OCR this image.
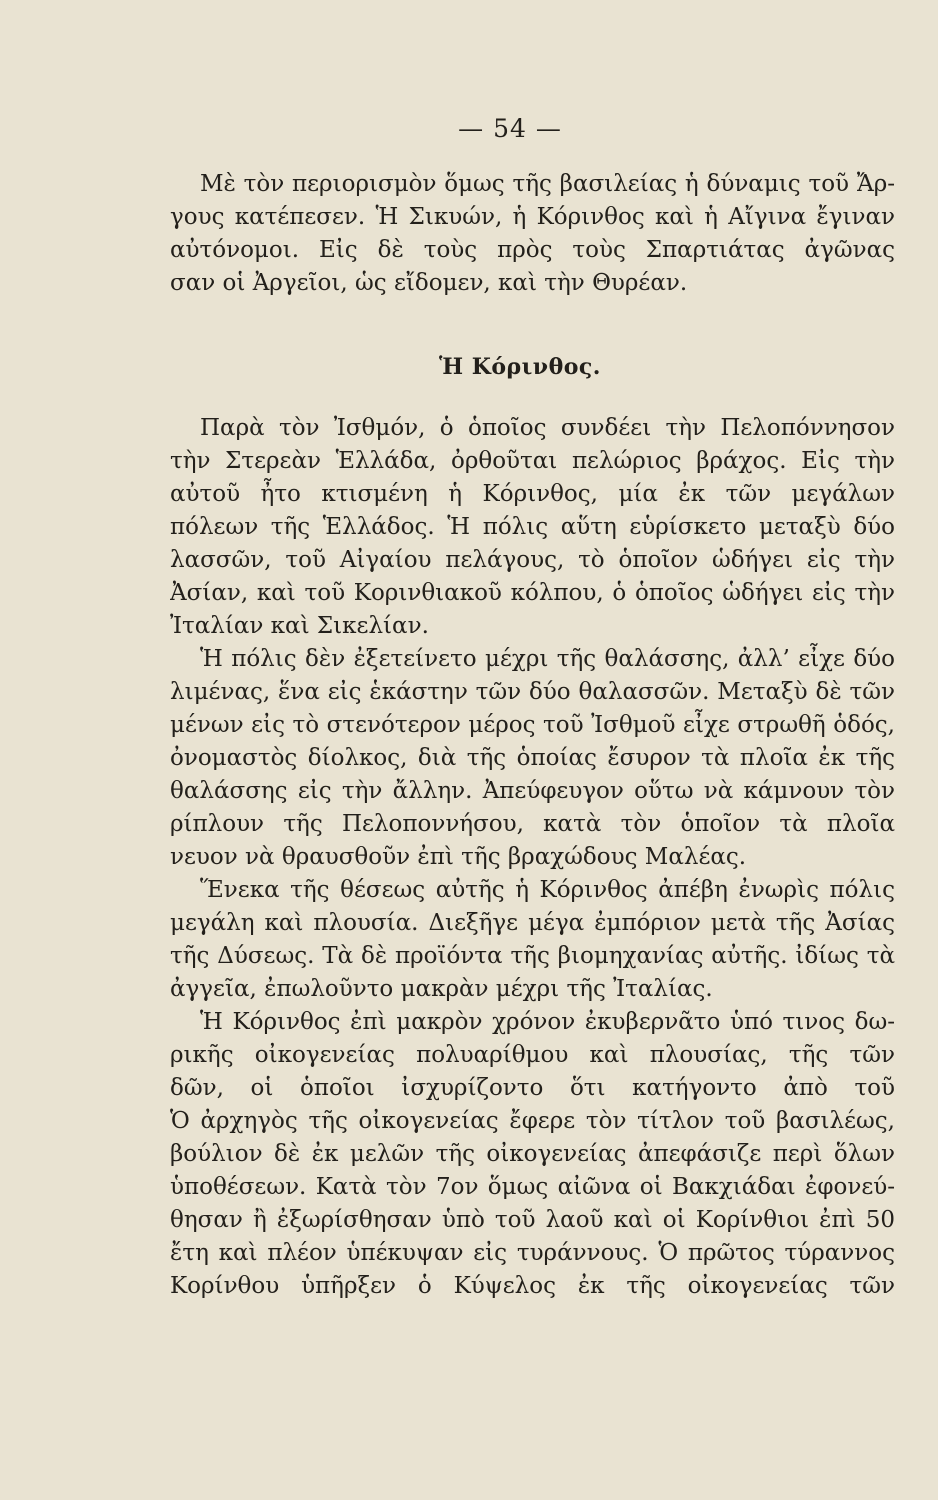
— 54 —
Μὲ τὸν περιορισμὸν ὅμως τῆς βασιλείας ἡ δύναμις τοῦ Ἄρ-
γους κατέπεσεν. Ἡ Σικυών, ἡ Κόρινθος καὶ ἡ Αἴγινα ἔγιναν
αὐτόνομοι. Εἰς δὲ τοὺς πρὸς τοὺς Σπαρτιάτας ἀγῶνας
σαν οἱ Ἀργεῖοι, ὡς εἴδομεν, καὶ τὴν Θυρέαν.
Ἡ Κόρινθος.
Παρὰ τὸν Ἰσθμόν, ὁ ὁποῖος συνδέει τὴν Πελοπόννησον
τὴν Στερεὰν Ἑλλάδα, ὀρθοῦται πελώριος βράχος. Εἰς τὴν
αὐτοῦ ἦτο κτισμένη ἡ Κόρινθος, μία ἐκ τῶν μεγάλων
πόλεων τῆς Ἑλλάδος. Ἡ πόλις αὕτη εὑρίσκετο μεταξὺ δύο
λασσῶν, τοῦ Αἰγαίου πελάγους, τὸ ὁποῖον ὡδήγει εἰς τὴν
Ἀσίαν, καὶ τοῦ Κορινθιακοῦ κόλπου, ὁ ὁποῖος ὡδήγει εἰς τὴν
Ἰταλίαν καὶ Σικελίαν.
Ἡ πόλις δὲν ἐξετείνετο μέχρι τῆς θαλάσσης, ἀλλ’ εἶχε δύο
λιμένας, ἕνα εἰς ἑκάστην τῶν δύο θαλασσῶν. Μεταξὺ δὲ τῶν
μένων εἰς τὸ στενότερον μέρος τοῦ Ἰσθμοῦ εἶχε στρωθῆ ὁδός,
ὀνομαστὸς δίολκος, διὰ τῆς ὁποίας ἔσυρον τὰ πλοῖα ἐκ τῆς
θαλάσσης εἰς τὴν ἄλλην. Ἀπεύφευγον οὕτω νὰ κάμνουν τὸν
ρίπλουν τῆς Πελοποννήσου, κατὰ τὸν ὁποῖον τὰ πλοῖα
νευον νὰ θραυσθοῦν ἐπὶ τῆς βραχώδους Μαλέας.
Ἕνεκα τῆς θέσεως αὐτῆς ἡ Κόρινθος ἀπέβη ἐνωρὶς πόλις
μεγάλη καὶ πλουσία. Διεξῆγε μέγα ἐμπόριον μετὰ τῆς Ἀσίας
τῆς Δύσεως. Τὰ δὲ προϊόντα τῆς βιομηχανίας αὐτῆς. ἰδίως τὰ
ἀγγεῖα, ἐπωλοῦντο μακρὰν μέχρι τῆς Ἰταλίας.
Ἡ Κόρινθος ἐπὶ μακρὸν χρόνον ἐκυβερνᾶτο ὑπό τινος δω-
ρικῆς οἰκογενείας πολυαρίθμου καὶ πλουσίας, τῆς τῶν
δῶν, οἱ ὁποῖοι ἰσχυρίζοντο ὅτι κατήγοντο ἀπὸ τοῦ
Ὁ ἀρχηγὸς τῆς οἰκογενείας ἔφερε τὸν τίτλον τοῦ βασιλέως,
βούλιον δὲ ἐκ μελῶν τῆς οἰκογενείας ἀπεφάσιζε περὶ ὅλων
ὑποθέσεων. Κατὰ τὸν 7ον ὅμως αἰῶνα οἱ Βακχιάδαι ἐφονεύ-
θησαν ἢ ἐξωρίσθησαν ὑπὸ τοῦ λαοῦ καὶ οἱ Κορίνθιοι ἐπὶ 50
ἔτη καὶ πλέον ὑπέκυψαν εἰς τυράννους. Ὁ πρῶτος τύραννος
Κορίνθου ὑπῆρξεν ὁ Κύψελος ἐκ τῆς οἰκογενείας τῶν
